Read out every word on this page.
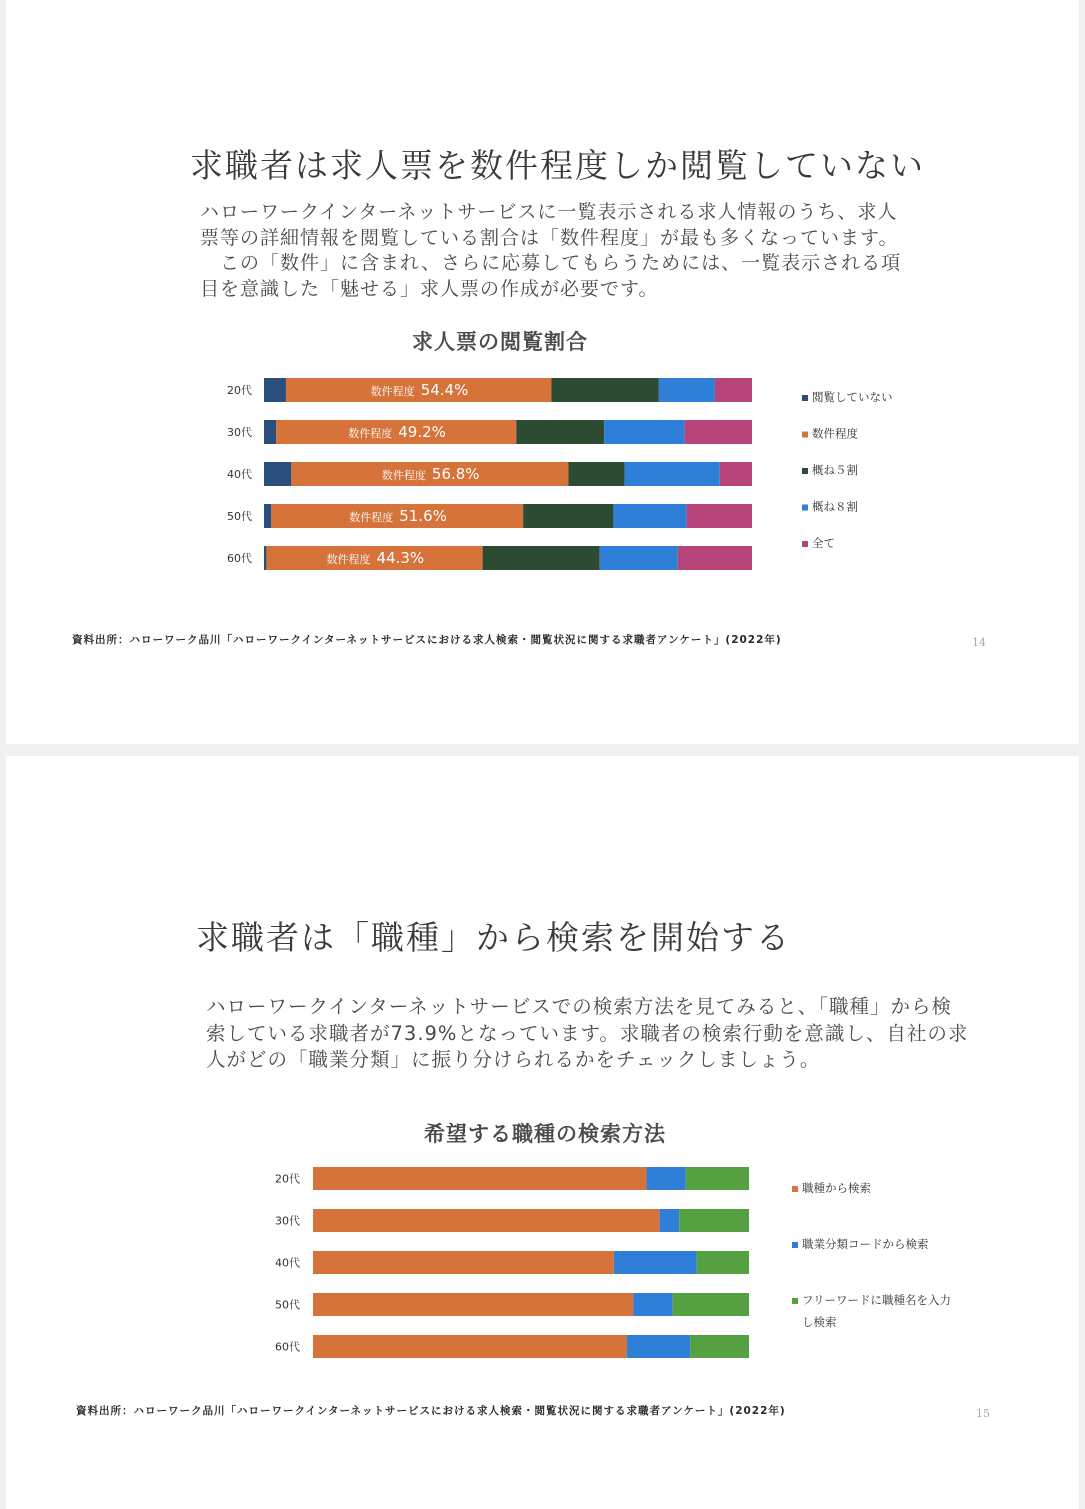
求職者は求人票を数件程度しか閲覧していない

ハローワークインターネットサービスに一覧表示される求人情報のうち、求人

票等の詳細情報を閲覧している割合は「数件程度」が最も多くなっています。

　この「数件」に含まれ、さらに応募してもらうためには、一覧表示される項

目を意識した「魅せる」求人票の作成が必要です。

求人票の閲覧割合
20代	数件程度 54.4%
30代	数件程度 49.2%
40代	数件程度 56.8%
50代	数件程度 51.6%
60代	数件程度 44.3%
閲覧していない
数件程度
概ね５割
概ね８割
全て
資料出所：ハローワーク品川「ハローワークインターネットサービスにおける求人検索・閲覧状況に関する求職者アンケート」(2022年)	14
求職者は「職種」から検索を開始する

ハローワークインターネットサービスでの検索方法を見てみると、「職種」から検

索している求職者が73.9%となっています。求職者の検索行動を意識し、自社の求

人がどの「職業分類」に振り分けられるかをチェックしましょう。

希望する職種の検索方法
20代
30代
40代
50代
60代
職種から検索
職業分類コードから検索
フリーワードに職種名を入力
し検索
資料出所：ハローワーク品川「ハローワークインターネットサービスにおける求人検索・閲覧状況に関する求職者アンケート」(2022年)	15
